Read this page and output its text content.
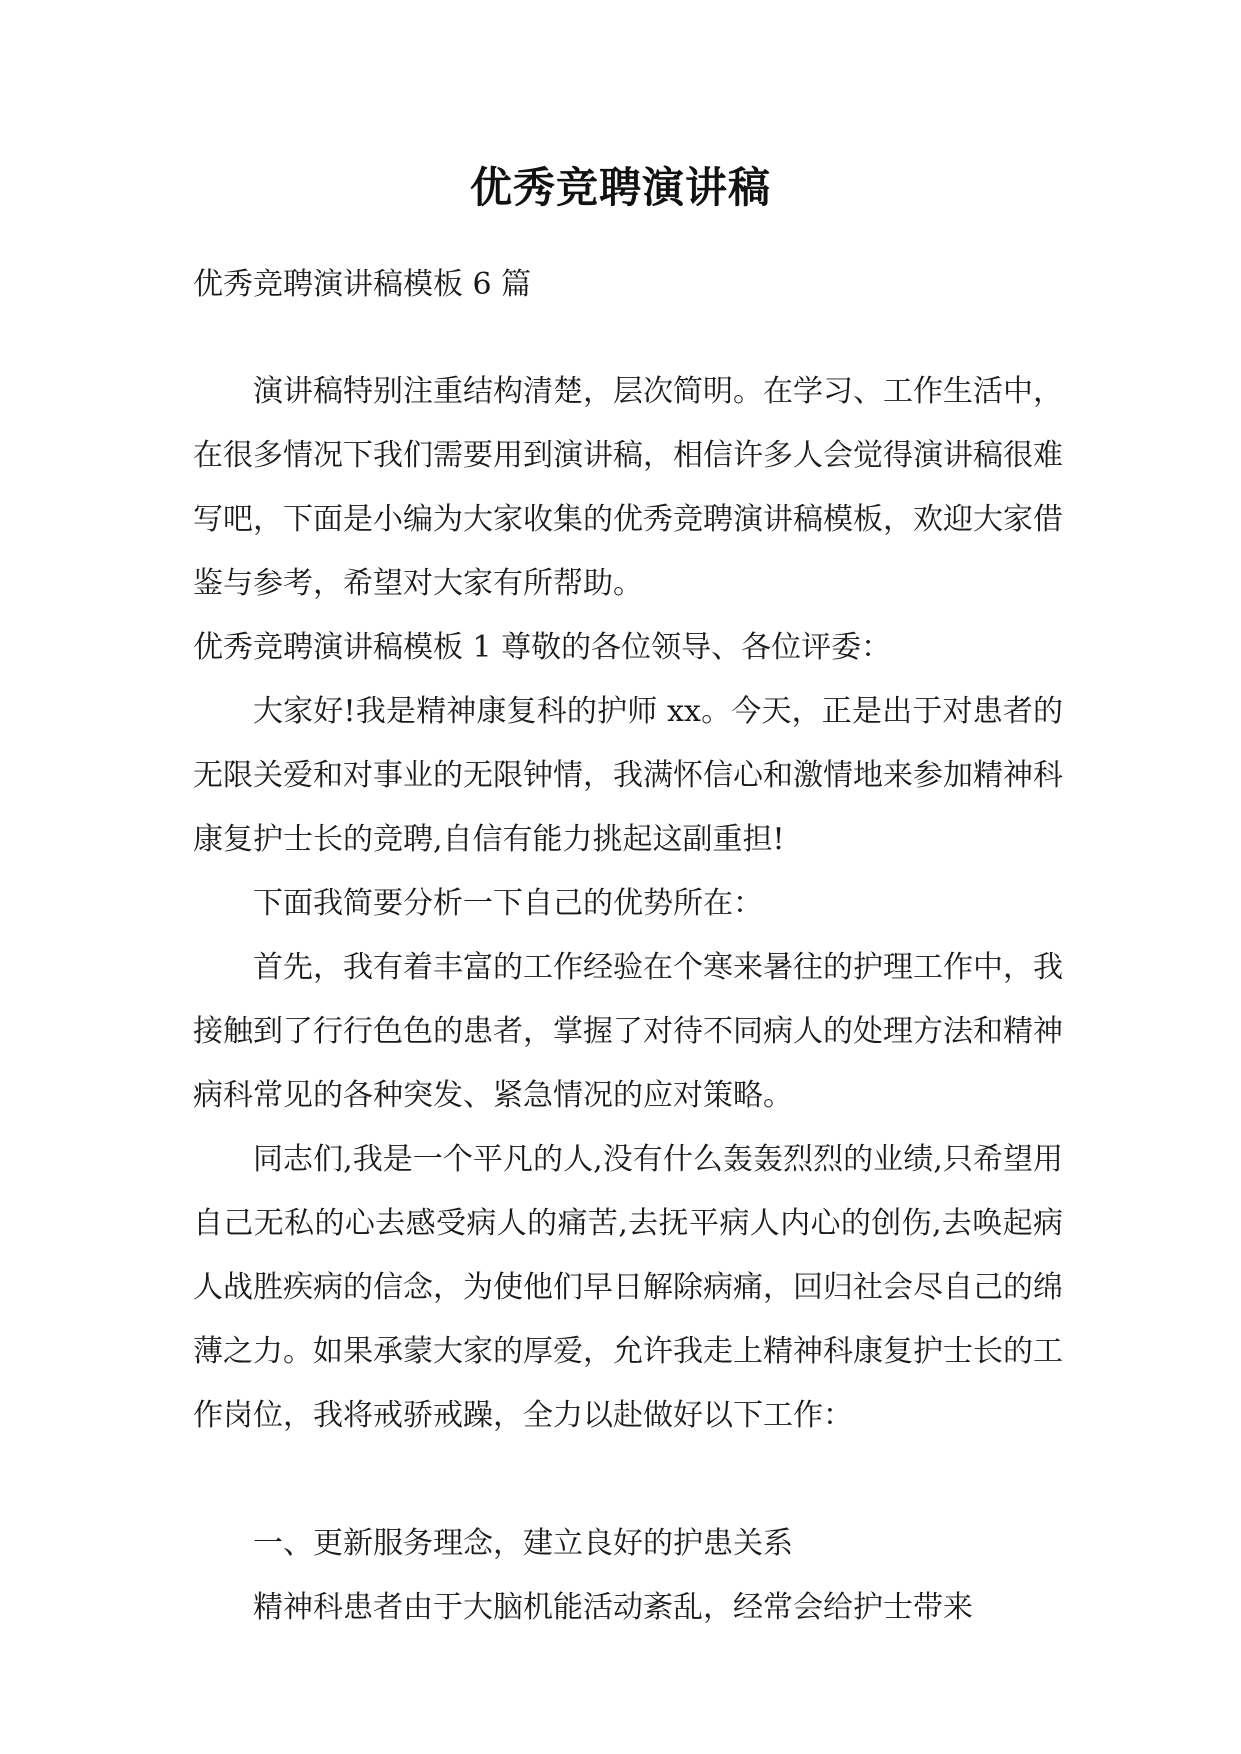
优秀竞聘演讲稿

优秀竞聘演讲稿模板 6 篇

演讲稿特别注重结构清楚，层次简明。在学习、工作生活中，在很多情况下我们需要用到演讲稿，相信许多人会觉得演讲稿很难写吧，下面是小编为大家收集的优秀竞聘演讲稿模板，欢迎大家借鉴与参考，希望对大家有所帮助。

优秀竞聘演讲稿模板 1 尊敬的各位领导、各位评委：

大家好!我是精神康复科的护师 xx。今天，正是出于对患者的无限关爱和对事业的无限钟情，我满怀信心和激情地来参加精神科康复护士长的竞聘,自信有能力挑起这副重担!

下面我简要分析一下自己的优势所在：

首先，我有着丰富的工作经验在个寒来暑往的护理工作中，我接触到了行行色色的患者，掌握了对待不同病人的处理方法和精神病科常见的各种突发、紧急情况的应对策略。

同志们,我是一个平凡的人,没有什么轰轰烈烈的业绩,只希望用自己无私的心去感受病人的痛苦,去抚平病人内心的创伤,去唤起病人战胜疾病的信念，为使他们早日解除病痛，回归社会尽自己的绵薄之力。如果承蒙大家的厚爱，允许我走上精神科康复护士长的工作岗位，我将戒骄戒躁，全力以赴做好以下工作：

一、更新服务理念，建立良好的护患关系

精神科患者由于大脑机能活动紊乱，经常会给护士带来
